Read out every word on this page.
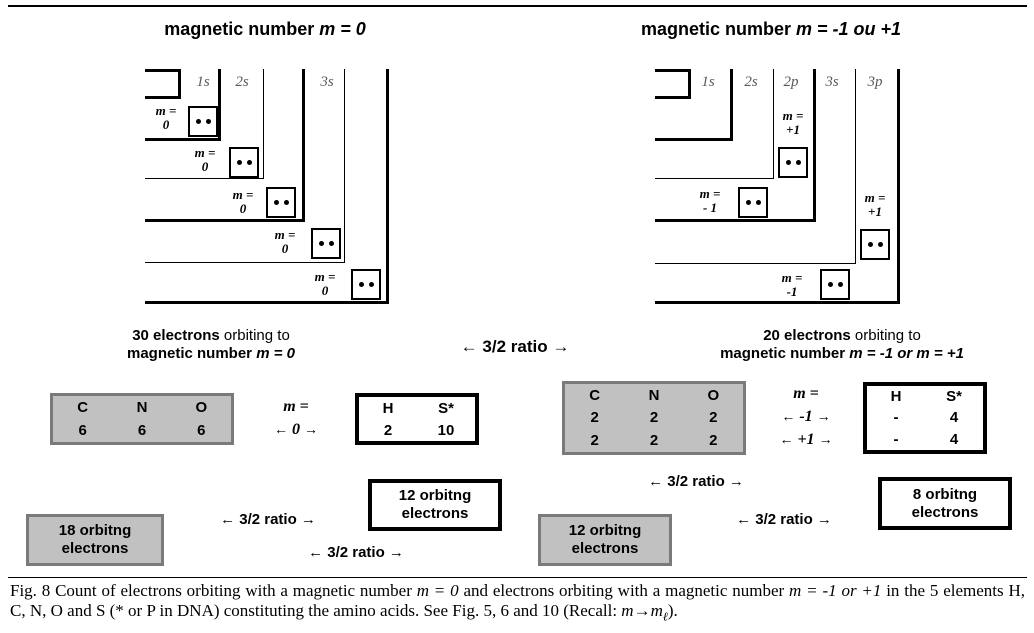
magnetic number m = 0	magnetic number m = -1 ou +1
1s	2s	3s
m =
0
m =
0
m =
0
m =
0
m =
0
1s	2s	2p	3s	3p
m =
+1
m =
- 1
m =
+1
m =
-1
30 electrons orbiting to
magnetic number m = 0	← 3/2 ratio →
20 electrons orbiting to
magnetic number m = -1 or m = +1
C	N	O
6	6	6
m =
← 0 →
H	S*
2	10
C	N	O
2	2	2
2	2	2
m =
← -1 →
← +1 →
H	S*
-	4
-	4
18 orbitng
electrons
← 3/2 ratio →
12 orbitng
electrons
← 3/2 ratio →
← 3/2 ratio →
12 orbitng
electrons
← 3/2 ratio →
8 orbitng
electrons
Fig. 8 Count of electrons orbiting with a magnetic number m = 0 and electrons orbiting with a magnetic number m = -1 or +1 in the 5 elements H, C, N, O and S (* or P in DNA) constituting the amino acids. See Fig. 5, 6 and 10 (Recall: $m\to m_\ell$).
